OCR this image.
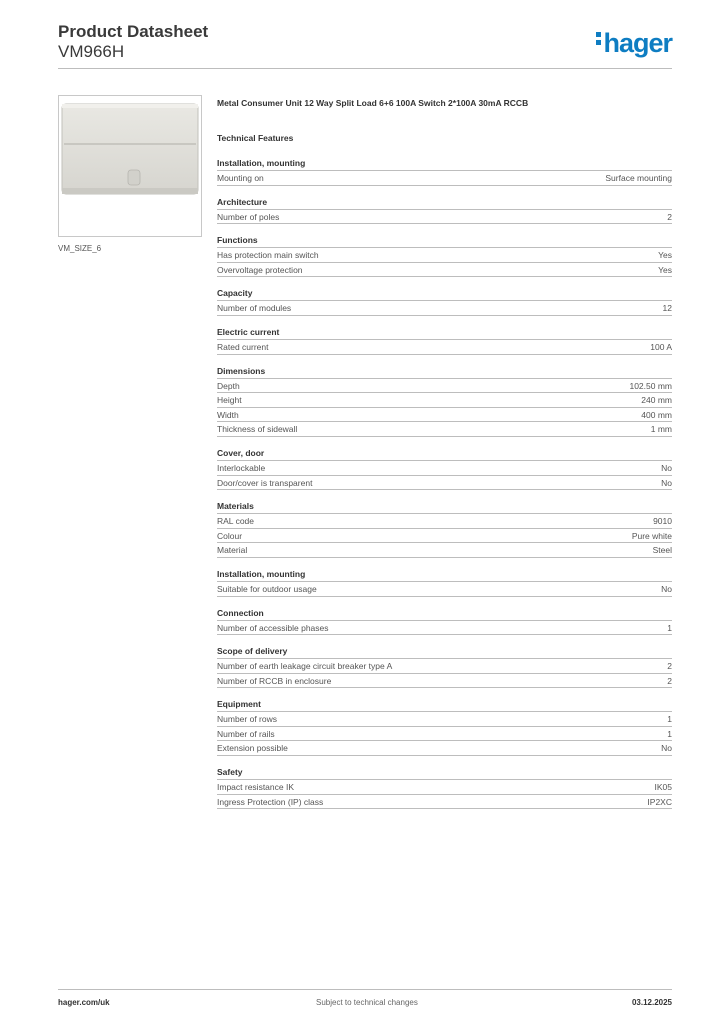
Product Datasheet
VM966H	hager
VM_SIZE_6
Metal Consumer Unit 12 Way Split Load 6+6 100A Switch 2*100A 30mA RCCB
Technical Features
Installation, mounting
Mounting on	Surface mounting
Architecture
Number of poles	2
Functions
Has protection main switch	Yes
Overvoltage protection	Yes
Capacity
Number of modules	12
Electric current
Rated current	100 A
Dimensions
Depth	102.50 mm
Height	240 mm
Width	400 mm
Thickness of sidewall	1 mm
Cover, door
Interlockable	No
Door/cover is transparent	No
Materials
RAL code	9010
Colour	Pure white
Material	Steel
Installation, mounting
Suitable for outdoor usage	No
Connection
Number of accessible phases	1
Scope of delivery
Number of earth leakage circuit breaker type A	2
Number of RCCB in enclosure	2
Equipment
Number of rows	1
Number of rails	1
Extension possible	No
Safety
Impact resistance IK	IK05
Ingress Protection (IP) class	IP2XC
hager.com/uk	Subject to technical changes	03.12.2025
